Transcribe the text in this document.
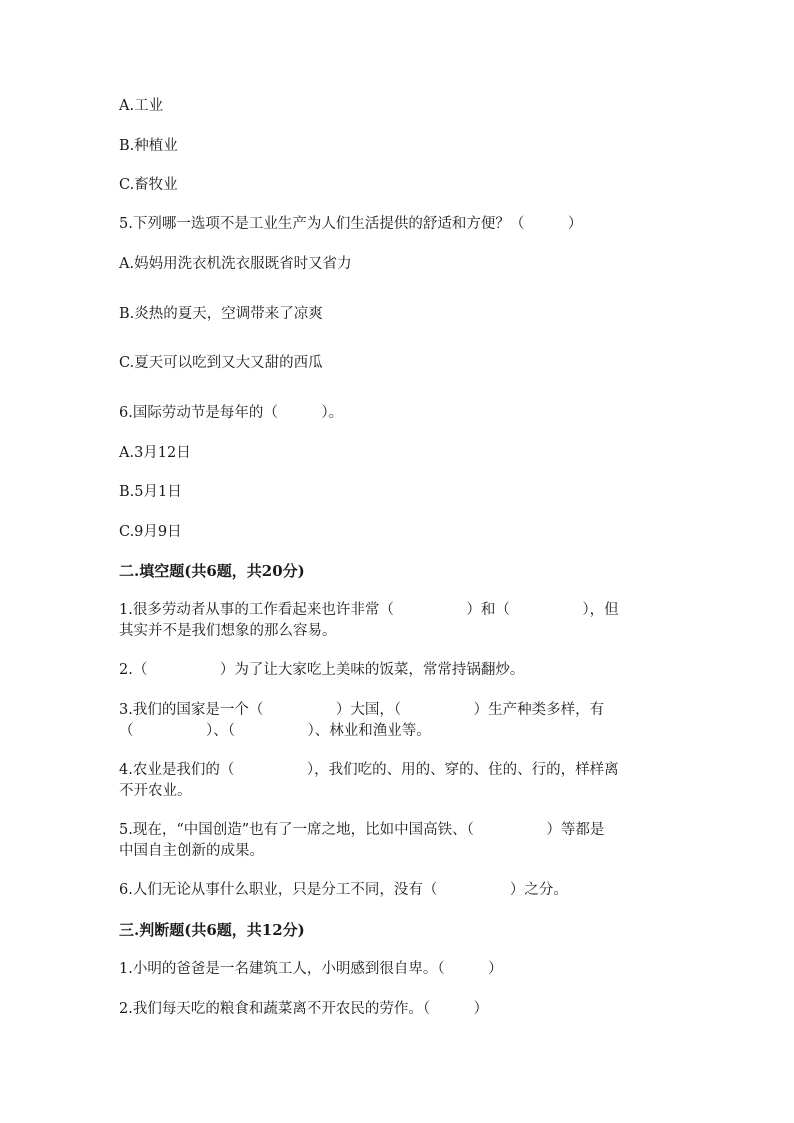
A.工业
B.种植业
C.畜牧业
5.下列哪一选项不是工业生产为人们生活提供的舒适和方便？（　　　）
A.妈妈用洗衣机洗衣服既省时又省力
B.炎热的夏天，空调带来了凉爽
C.夏天可以吃到又大又甜的西瓜
6.国际劳动节是每年的（　　　）。
A.3月12日
B.5月1日
C.9月9日
二.填空题(共6题，共20分)
1.很多劳动者从事的工作看起来也许非常（　　　　　）和（　　　　　），但
其实并不是我们想象的那么容易。
2.（　　　　　）为了让大家吃上美味的饭菜，常常持锅翻炒。
3.我们的国家是一个（　　　　　）大国，（　　　　　）生产种类多样，有
（　　　　　）、（　　　　　）、林业和渔业等。
4.农业是我们的（　　　　　），我们吃的、用的、穿的、住的、行的，样样离
不开农业。
5.现在，“中国创造”也有了一席之地，比如中国高铁、（　　　　　）等都是
中国自主创新的成果。
6.人们无论从事什么职业，只是分工不同，没有（　　　　　）之分。
三.判断题(共6题，共12分)
1.小明的爸爸是一名建筑工人，小明感到很自卑。（　　　）
2.我们每天吃的粮食和蔬菜离不开农民的劳作。（　　　）
